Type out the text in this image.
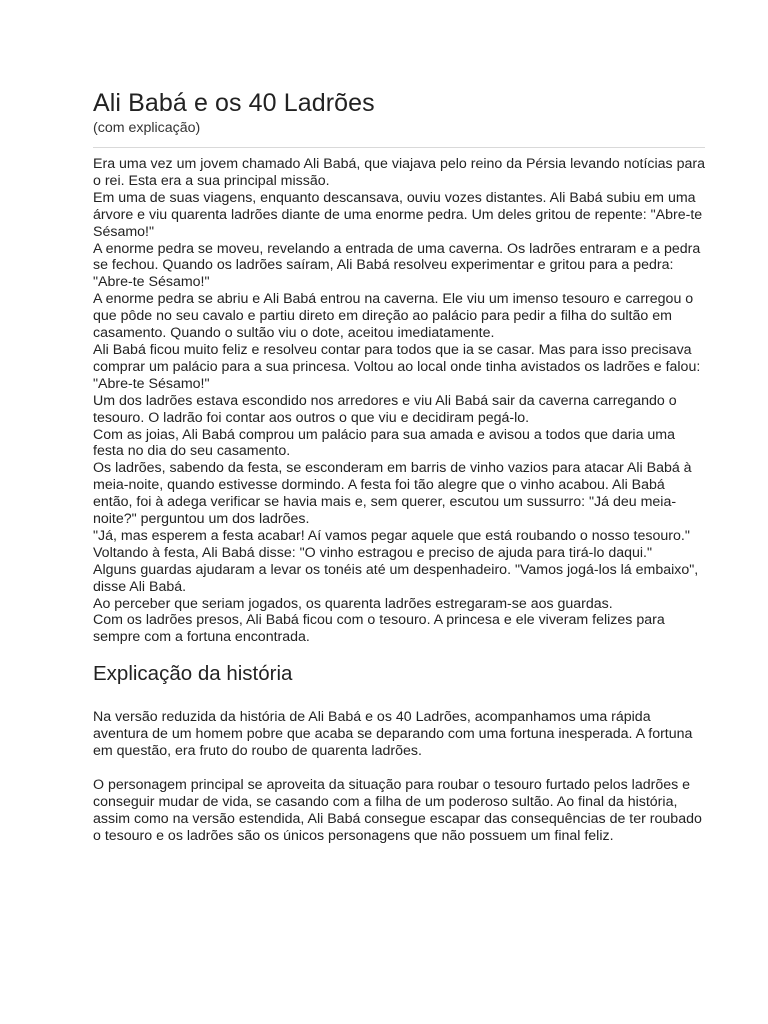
Ali Babá e os 40 Ladrões
(com explicação)

Era uma vez um jovem chamado Ali Babá, que viajava pelo reino da Pérsia levando notícias para o rei. Esta era a sua principal missão.

Em uma de suas viagens, enquanto descansava, ouviu vozes distantes. Ali Babá subiu em uma árvore e viu quarenta ladrões diante de uma enorme pedra. Um deles gritou de repente: "Abre-te Sésamo!"

A enorme pedra se moveu, revelando a entrada de uma caverna. Os ladrões entraram e a pedra se fechou. Quando os ladrões saíram, Ali Babá resolveu experimentar e gritou para a pedra: "Abre-te Sésamo!"

A enorme pedra se abriu e Ali Babá entrou na caverna. Ele viu um imenso tesouro e carregou o que pôde no seu cavalo e partiu direto em direção ao palácio para pedir a filha do sultão em casamento. Quando o sultão viu o dote, aceitou imediatamente.

Ali Babá ficou muito feliz e resolveu contar para todos que ia se casar. Mas para isso precisava comprar um palácio para a sua princesa. Voltou ao local onde tinha avistados os ladrões e falou: "Abre-te Sésamo!"

Um dos ladrões estava escondido nos arredores e viu Ali Babá sair da caverna carregando o tesouro. O ladrão foi contar aos outros o que viu e decidiram pegá-lo.

Com as joias, Ali Babá comprou um palácio para sua amada e avisou a todos que daria uma festa no dia do seu casamento.

Os ladrões, sabendo da festa, se esconderam em barris de vinho vazios para atacar Ali Babá à meia-noite, quando estivesse dormindo. A festa foi tão alegre que o vinho acabou. Ali Babá então, foi à adega verificar se havia mais e, sem querer, escutou um sussurro: "Já deu meia-noite?" perguntou um dos ladrões.

"Já, mas esperem a festa acabar! Aí vamos pegar aquele que está roubando o nosso tesouro."

Voltando à festa, Ali Babá disse: "O vinho estragou e preciso de ajuda para tirá-lo daqui."

Alguns guardas ajudaram a levar os tonéis até um despenhadeiro. "Vamos jogá-los lá embaixo", disse Ali Babá.

Ao perceber que seriam jogados, os quarenta ladrões estregaram-se aos guardas.

Com os ladrões presos, Ali Babá ficou com o tesouro. A princesa e ele viveram felizes para sempre com a fortuna encontrada.

Explicação da história

Na versão reduzida da história de Ali Babá e os 40 Ladrões, acompanhamos uma rápida aventura de um homem pobre que acaba se deparando com uma fortuna inesperada. A fortuna em questão, era fruto do roubo de quarenta ladrões.

O personagem principal se aproveita da situação para roubar o tesouro furtado pelos ladrões e conseguir mudar de vida, se casando com a filha de um poderoso sultão. Ao final da história, assim como na versão estendida, Ali Babá consegue escapar das consequências de ter roubado o tesouro e os ladrões são os únicos personagens que não possuem um final feliz.
